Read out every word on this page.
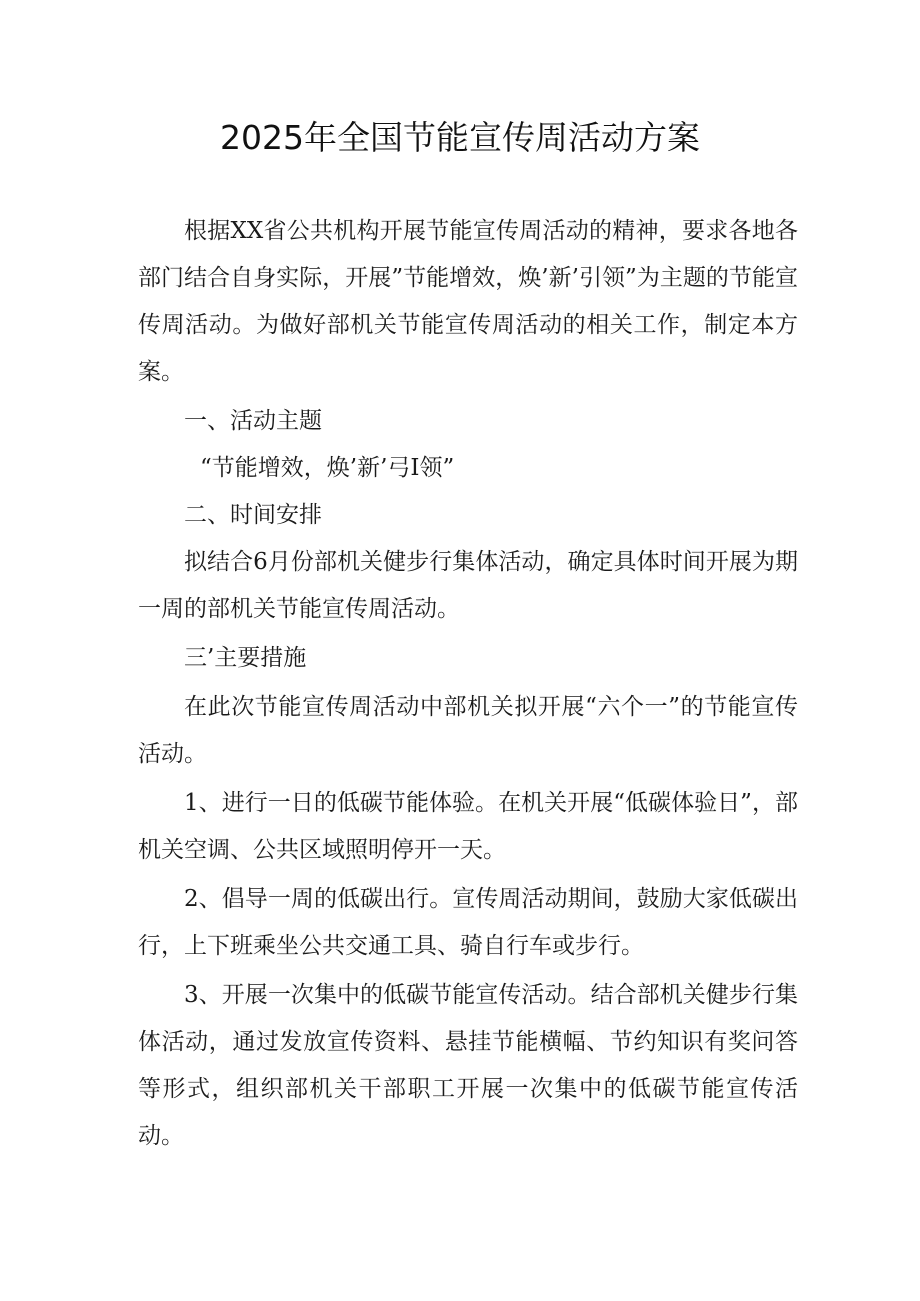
2025年全国节能宣传周活动方案

根据XX省公共机构开展节能宣传周活动的精神，要求各地各部门结合自身实际，开展”节能增效，焕’新’引领”为主题的节能宣传周活动。为做好部机关节能宣传周活动的相关工作，制定本方案。

一、活动主题

“节能增效，焕’新’弓I领”

二、时间安排

拟结合6月份部机关健步行集体活动，确定具体时间开展为期一周的部机关节能宣传周活动。

三’主要措施

在此次节能宣传周活动中部机关拟开展“六个一”的节能宣传活动。

1、进行一日的低碳节能体验。在机关开展“低碳体验日”，部机关空调、公共区域照明停开一天。

2、倡导一周的低碳出行。宣传周活动期间，鼓励大家低碳出行，上下班乘坐公共交通工具、骑自行车或步行。

3、开展一次集中的低碳节能宣传活动。结合部机关健步行集体活动，通过发放宣传资料、悬挂节能横幅、节约知识有奖问答等形式，组织部机关干部职工开展一次集中的低碳节能宣传活动。
